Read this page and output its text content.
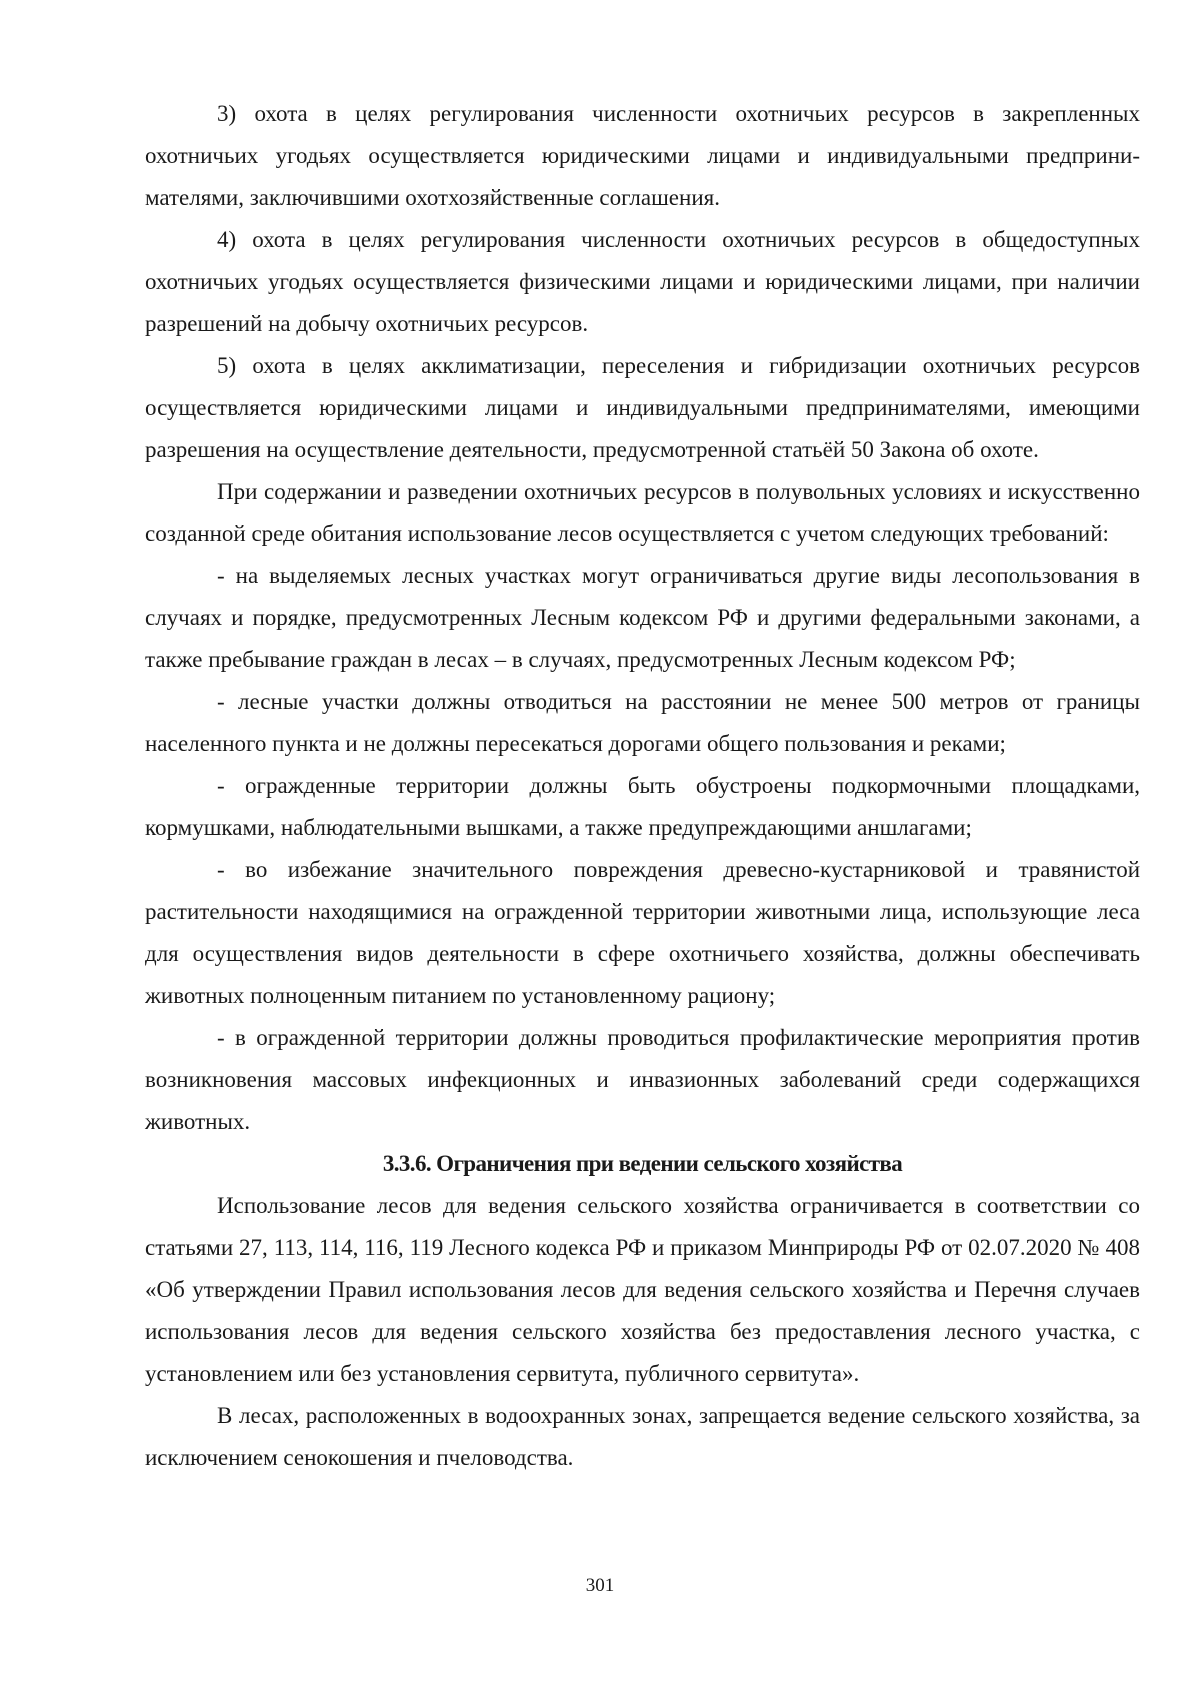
3) охота в целях регулирования численности охотничьих ресурсов в закрепленных охотничьих угодьях осуществляется юридическими лицами и индивидуальными предпринимателями, заключившими охотхозяйственные соглашения.

4) охота в целях регулирования численности охотничьих ресурсов в общедоступных охотничьих угодьях осуществляется физическими лицами и юридическими лицами, при наличии разрешений на добычу охотничьих ресурсов.

5) охота в целях акклиматизации, переселения и гибридизации охотничьих ресурсов осуществляется юридическими лицами и индивидуальными предпринимателями, имеющими разрешения на осуществление деятельности, предусмотренной статьёй 50 Закона об охоте.

При содержании и разведении охотничьих ресурсов в полувольных условиях и искусственно созданной среде обитания использование лесов осуществляется с учетом следующих требований:

- на выделяемых лесных участках могут ограничиваться другие виды лесопользования в случаях и порядке, предусмотренных Лесным кодексом РФ и другими федеральными законами, а также пребывание граждан в лесах – в случаях, предусмотренных Лесным кодексом РФ;

- лесные участки должны отводиться на расстоянии не менее 500 метров от границы населенного пункта и не должны пересекаться дорогами общего пользования и реками;

- огражденные территории должны быть обустроены подкормочными площадками, кормушками, наблюдательными вышками, а также предупреждающими аншлагами;

- во избежание значительного повреждения древесно-кустарниковой и травянистой растительности находящимися на огражденной территории животными лица, использующие леса для осуществления видов деятельности в сфере охотничьего хозяйства, должны обеспечивать животных полноценным питанием по установленному рациону;

- в огражденной территории должны проводиться профилактические мероприятия против возникновения массовых инфекционных и инвазионных заболеваний среди содержащихся животных.

3.3.6. Ограничения при ведении сельского хозяйства

Использование лесов для ведения сельского хозяйства ограничивается в соответствии со статьями 27, 113, 114, 116, 119 Лесного кодекса РФ и приказом Минприроды РФ от 02.07.2020 № 408 «Об утверждении Правил использования лесов для ведения сельского хозяйства и Перечня случаев использования лесов для ведения сельского хозяйства без предоставления лесного участка, с установлением или без установления сервитута, публичного сервитута».

В лесах, расположенных в водоохранных зонах, запрещается ведение сельского хозяйства, за исключением сенокошения и пчеловодства.

301
